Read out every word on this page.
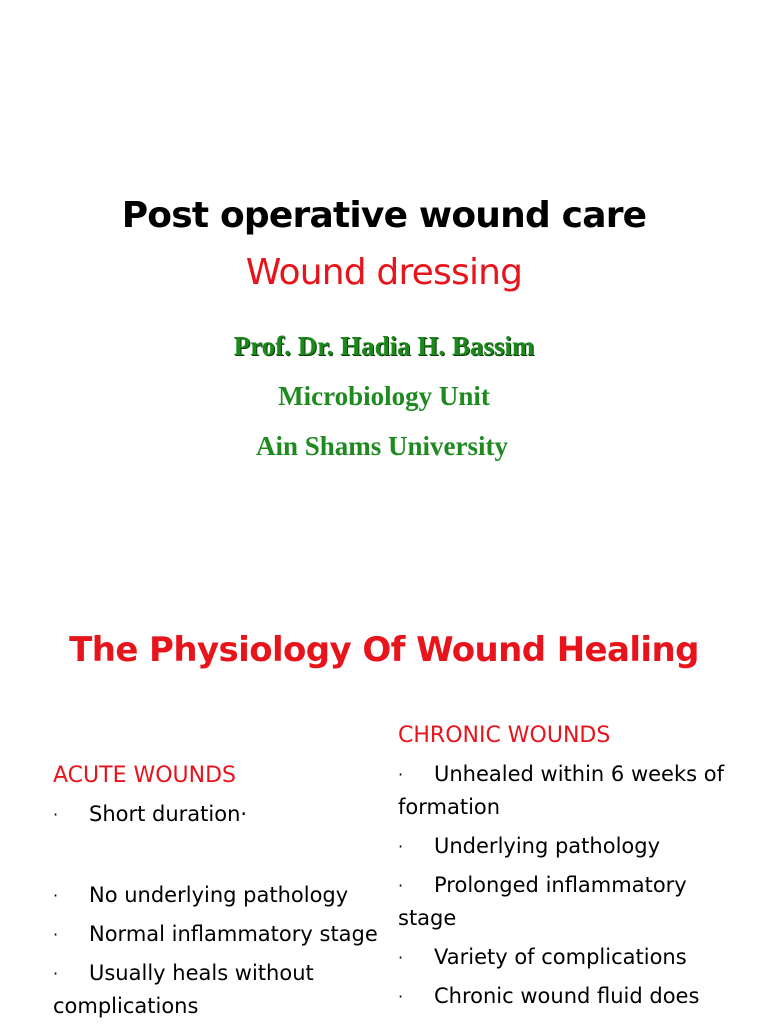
Post operative wound care
Wound dressing
Prof. Dr. Hadia H. Bassim
Microbiology Unit
Ain Shams University
The Physiology Of Wound Healing
ACUTE WOUNDS
· Short duration·
· No underlying pathology
· Normal inflammatory stage
· Usually heals without complications
CHRONIC WOUNDS
· Unhealed within 6 weeks of formation
· Underlying pathology
· Prolonged inflammatory stage
· Variety of complications
· Chronic wound fluid does
